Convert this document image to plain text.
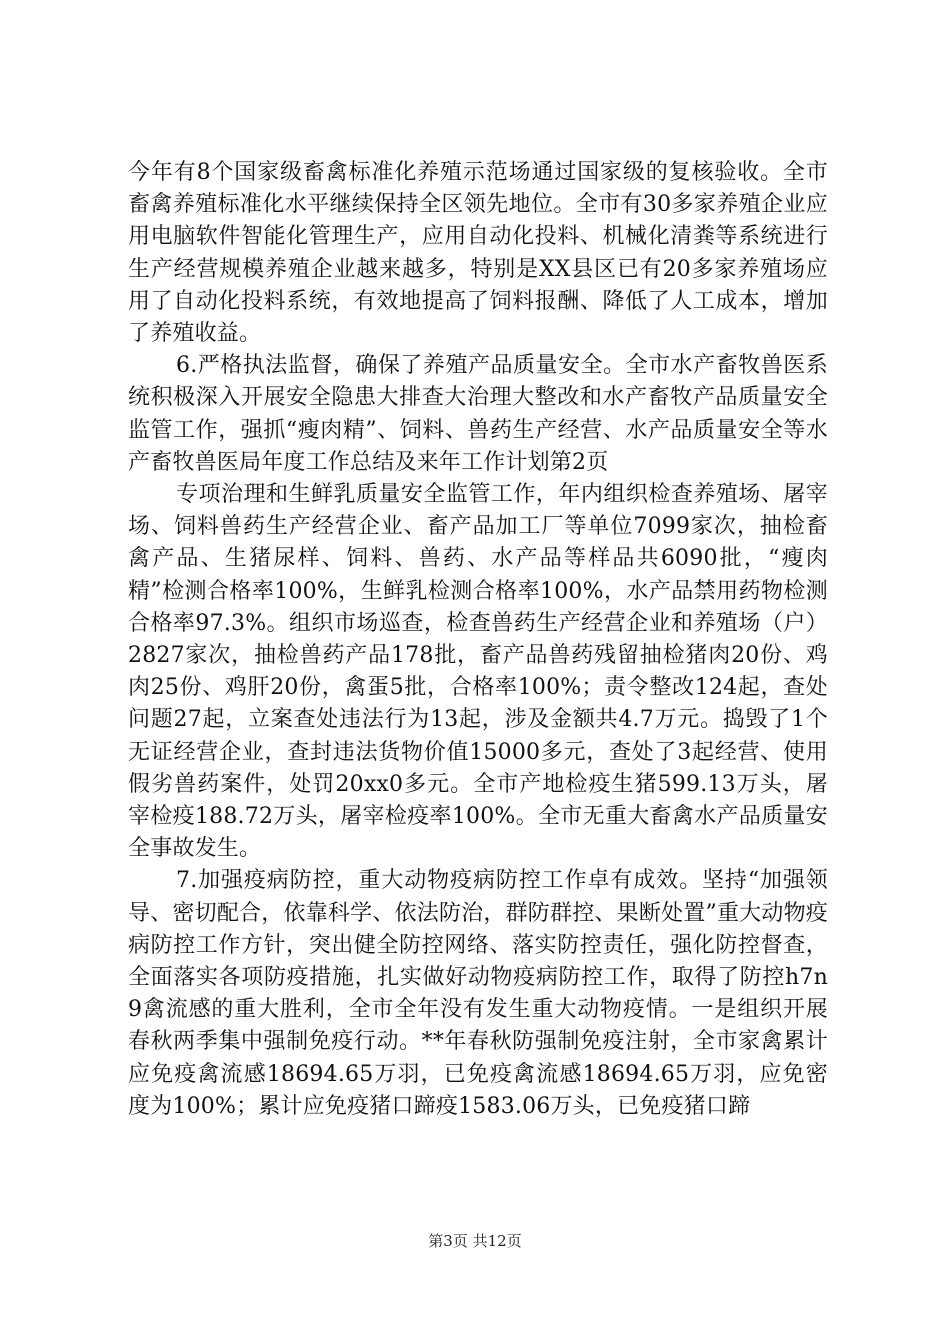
今年有8个国家级畜禽标准化养殖示范场通过国家级的复核验收。全市畜禽养殖标准化水平继续保持全区领先地位。全市有30多家养殖企业应用电脑软件智能化管理生产，应用自动化投料、机械化清粪等系统进行生产经营规模养殖企业越来越多，特别是XX县区已有20多家养殖场应用了自动化投料系统，有效地提高了饲料报酬、降低了人工成本，增加了养殖收益。

6.严格执法监督，确保了养殖产品质量安全。全市水产畜牧兽医系统积极深入开展安全隐患大排查大治理大整改和水产畜牧产品质量安全监管工作，强抓“瘦肉精”、饲料、兽药生产经营、水产品质量安全等水产畜牧兽医局年度工作总结及来年工作计划第2页

专项治理和生鲜乳质量安全监管工作，年内组织检查养殖场、屠宰场、饲料兽药生产经营企业、畜产品加工厂等单位7099家次，抽检畜禽产品、生猪尿样、饲料、兽药、水产品等样品共6090批，“瘦肉精”检测合格率100%，生鲜乳检测合格率100%，水产品禁用药物检测合格率97.3%。组织市场巡查，检查兽药生产经营企业和养殖场（户）2827家次，抽检兽药产品178批，畜产品兽药残留抽检猪肉20份、鸡肉25份、鸡肝20份，禽蛋5批，合格率100%；责令整改124起，查处问题27起，立案查处违法行为13起，涉及金额共4.7万元。捣毁了1个无证经营企业，查封违法货物价值15000多元，查处了3起经营、使用假劣兽药案件，处罚20xx0多元。全市产地检疫生猪599.13万头，屠宰检疫188.72万头，屠宰检疫率100%。全市无重大畜禽水产品质量安全事故发生。

7.加强疫病防控，重大动物疫病防控工作卓有成效。坚持“加强领导、密切配合，依靠科学、依法防治，群防群控、果断处置”重大动物疫病防控工作方针，突出健全防控网络、落实防控责任，强化防控督查，全面落实各项防疫措施，扎实做好动物疫病防控工作，取得了防控h7n9禽流感的重大胜利，全市全年没有发生重大动物疫情。一是组织开展春秋两季集中强制免疫行动。**年春秋防强制免疫注射，全市家禽累计应免疫禽流感18694.65万羽，已免疫禽流感18694.65万羽，应免密度为100%；累计应免疫猪口蹄疫1583.06万头，已免疫猪口蹄

第3页 共12页
